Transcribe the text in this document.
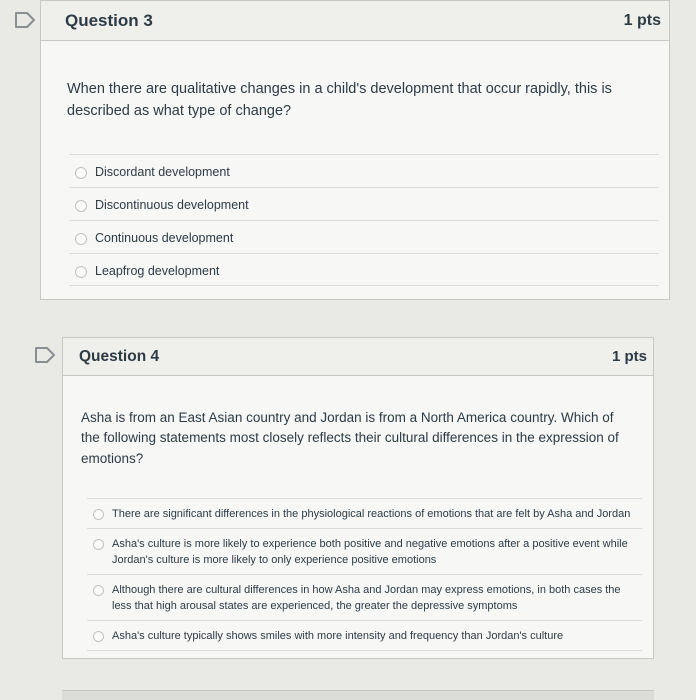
Question 3	1 pts
When there are qualitative changes in a child's development that occur rapidly, this is described as what type of change?
Discordant development
Discontinuous development
Continuous development
Leapfrog development
Question 4	1 pts
Asha is from an East Asian country and Jordan is from a North America country. Which of the following statements most closely reflects their cultural differences in the expression of emotions?
There are significant differences in the physiological reactions of emotions that are felt by Asha and Jordan
Asha's culture is more likely to experience both positive and negative emotions after a positive event while Jordan's culture is more likely to only experience positive emotions
Although there are cultural differences in how Asha and Jordan may express emotions, in both cases the less that high arousal states are experienced, the greater the depressive symptoms
Asha's culture typically shows smiles with more intensity and frequency than Jordan's culture
